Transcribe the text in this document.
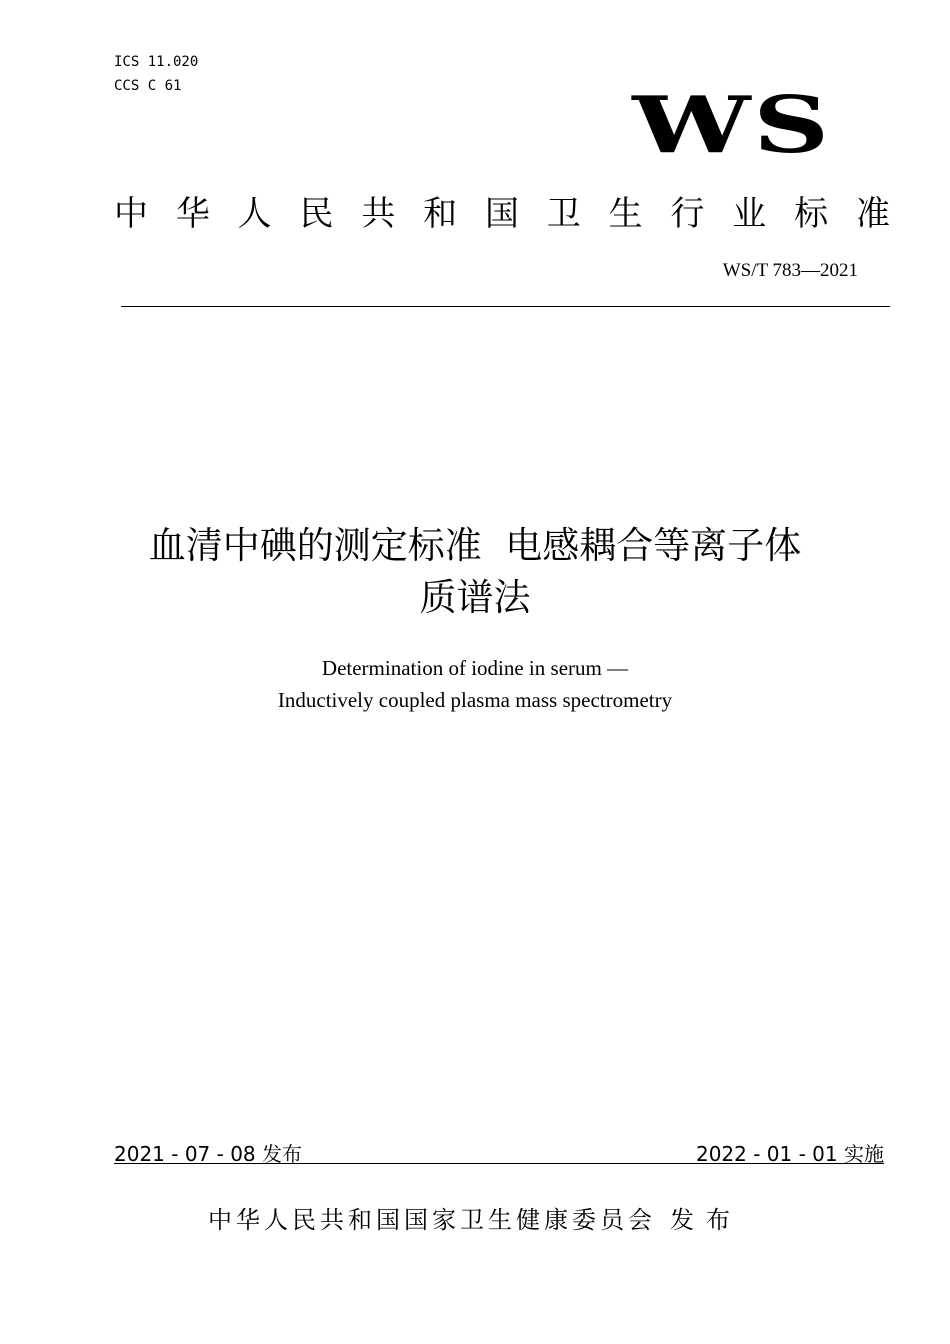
ICS 11.020
CCS C 61	WS
中 华 人 民 共 和 国 卫 生 行 业 标 准
WS/T 783—2021
血清中碘的测定标准  电感耦合等离子体
质谱法
Determination of iodine in serum —
Inductively coupled plasma mass spectrometry
2021 - 07 - 08 发布	2022 - 01 - 01 实施
中华人民共和国国家卫生健康委员会 发布
